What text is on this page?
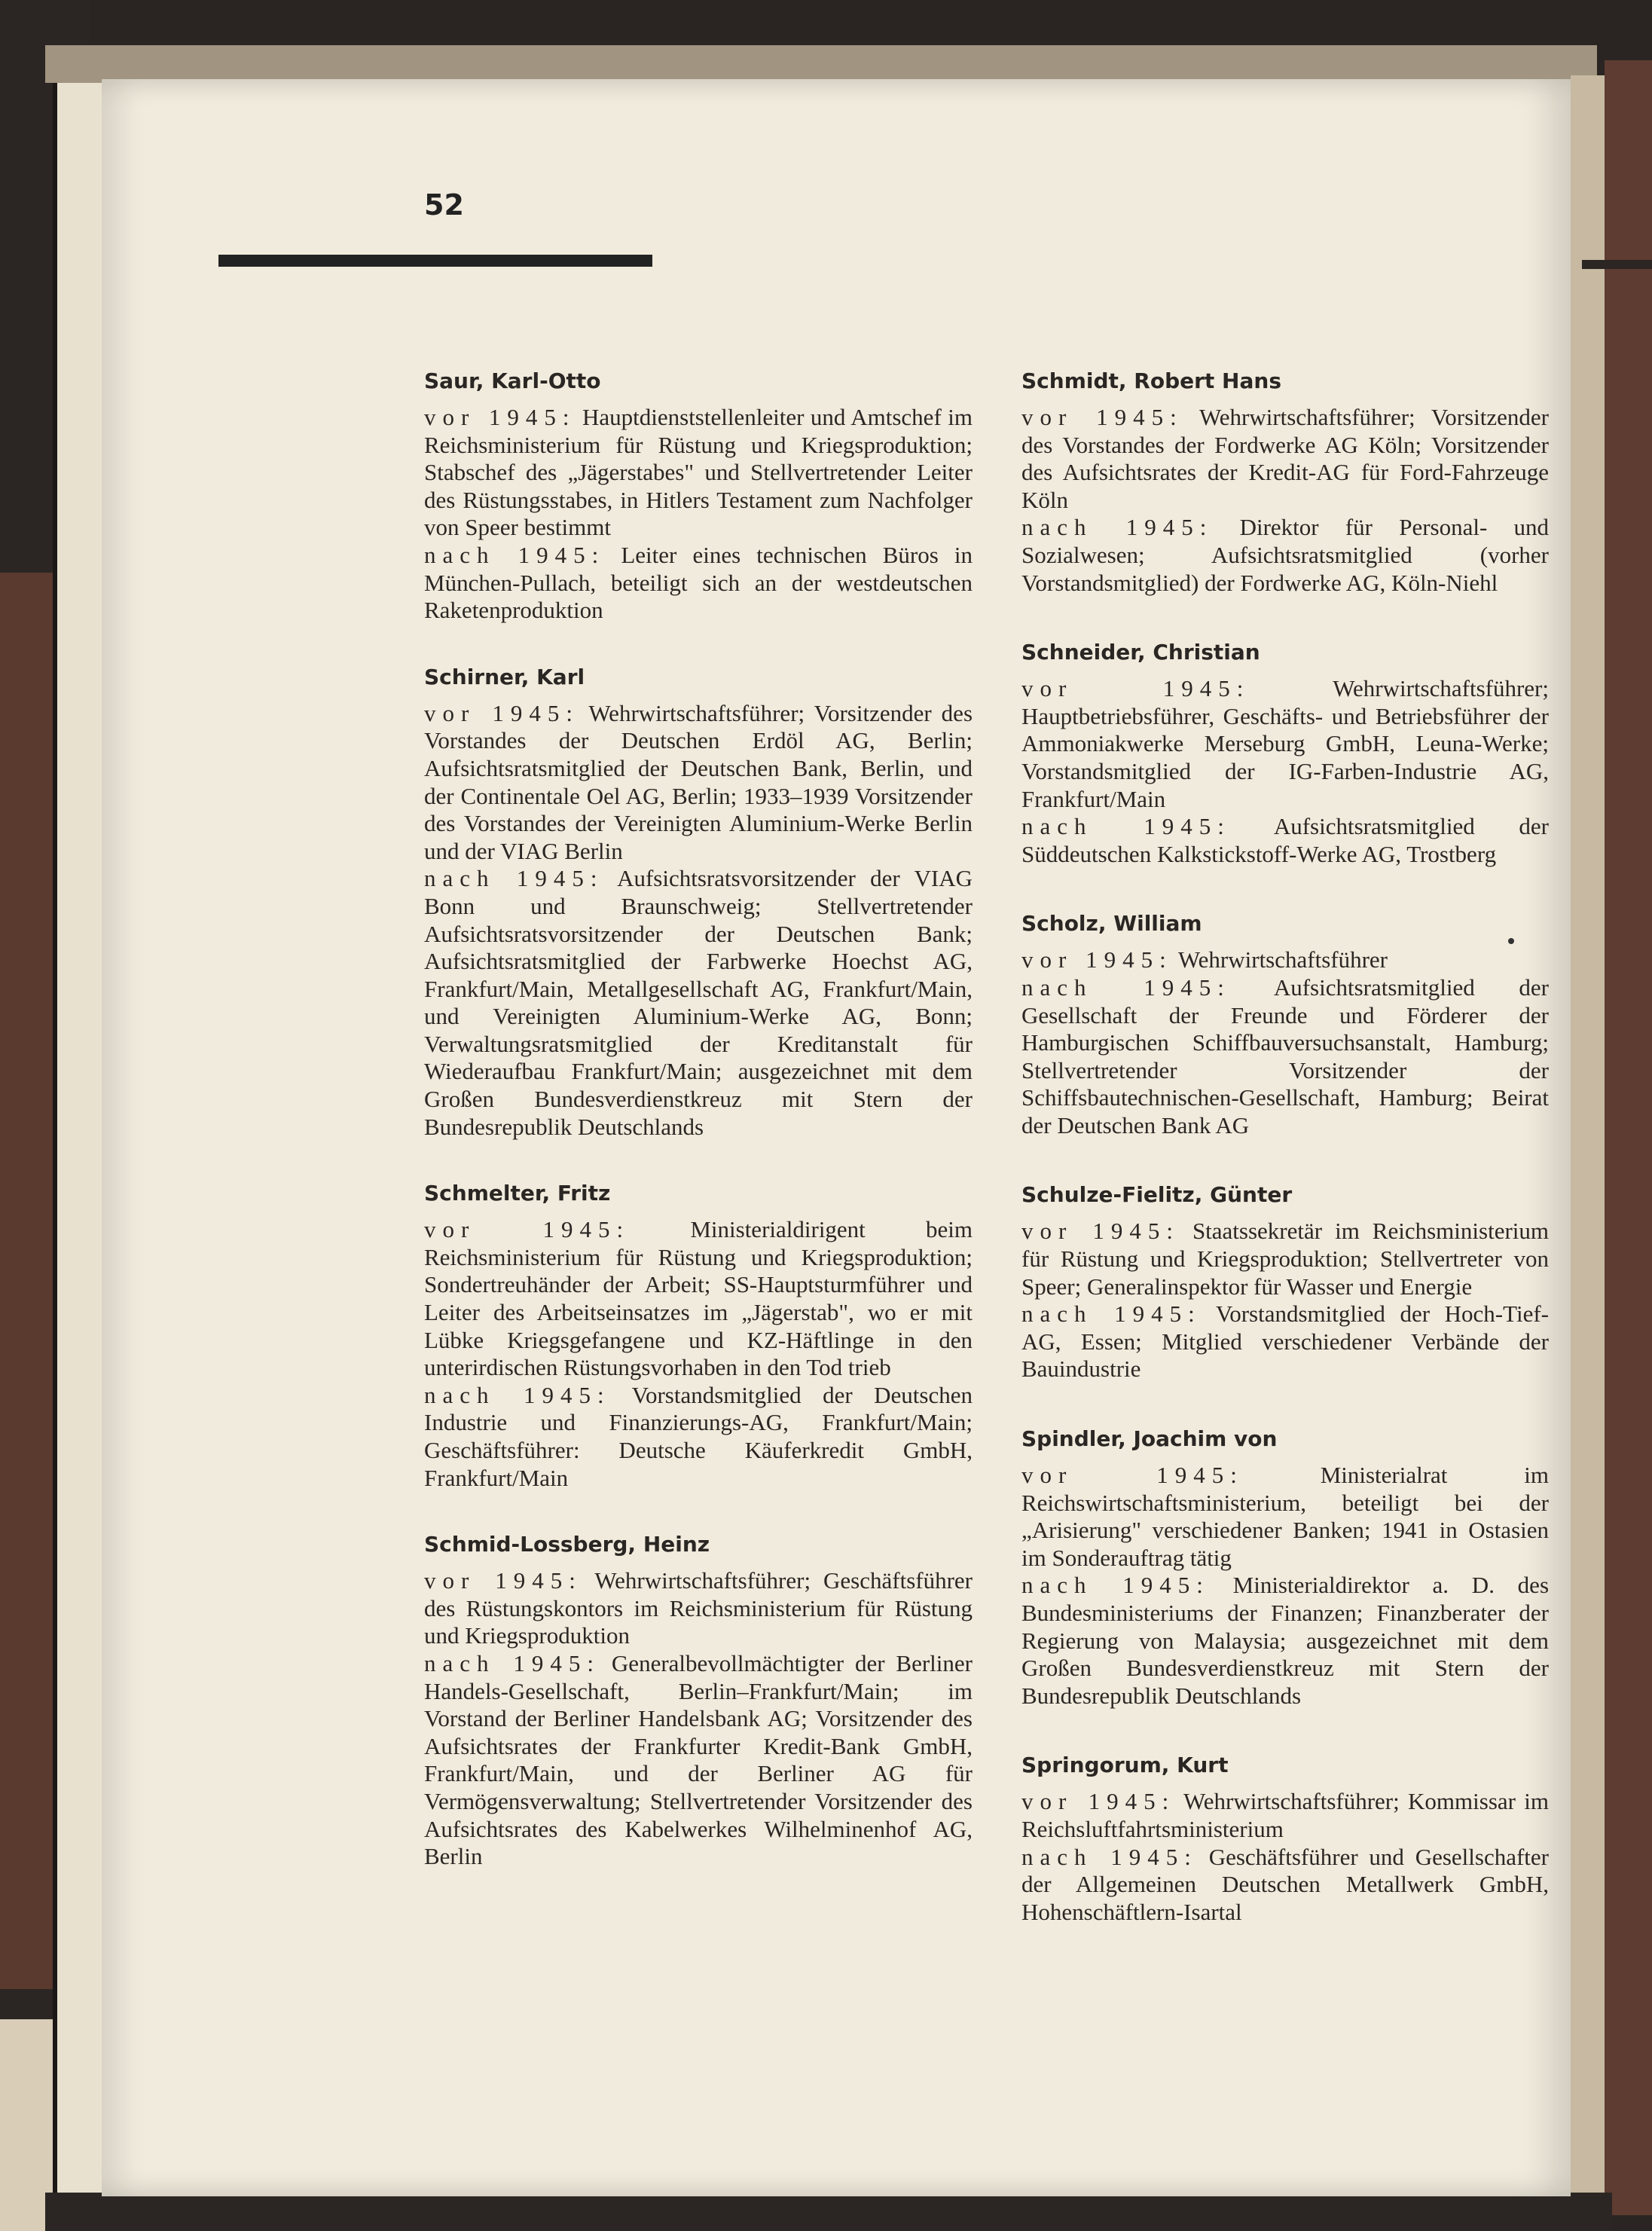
52
Saur, Karl-Otto

vor 1945: Hauptdienststellenleiter und Amtschef im Reichsministerium für Rüstung und Kriegsproduktion; Stabschef des „Jägerstabes" und Stellvertretender Leiter des Rüstungsstabes, in Hitlers Testament zum Nachfolger von Speer bestimmt

nach 1945: Leiter eines technischen Büros in München-Pullach, beteiligt sich an der westdeutschen Raketenproduktion

Schirner, Karl

vor 1945: Wehrwirtschaftsführer; Vorsitzender des Vorstandes der Deutschen Erdöl AG, Berlin; Aufsichtsratsmitglied der Deutschen Bank, Berlin, und der Continentale Oel AG, Berlin; 1933–1939 Vorsitzender des Vorstandes der Vereinigten Aluminium-Werke Berlin und der VIAG Berlin

nach 1945: Aufsichtsratsvorsitzender der VIAG Bonn und Braunschweig; Stellvertretender Aufsichtsratsvorsitzender der Deutschen Bank; Aufsichtsratsmitglied der Farbwerke Hoechst AG, Frankfurt/Main, Metallgesellschaft AG, Frankfurt/Main, und Vereinigten Aluminium-Werke AG, Bonn; Verwaltungsratsmitglied der Kreditanstalt für Wiederaufbau Frankfurt/Main; ausgezeichnet mit dem Großen Bundesverdienstkreuz mit Stern der Bundesrepublik Deutschlands

Schmelter, Fritz

vor 1945:	Ministerialdirigent beim Reichsministerium für Rüstung und Kriegsproduktion; Sondertreuhänder der Arbeit; SS-Hauptsturmführer und Leiter des Arbeitseinsatzes im „Jägerstab", wo er mit Lübke Kriegsgefangene und KZ-Häftlinge in den unterirdischen Rüstungsvorhaben in den Tod trieb

nach 1945: Vorstandsmitglied der Deutschen Industrie und Finanzierungs-AG, Frankfurt/Main; Geschäftsführer: Deutsche Käuferkredit GmbH, Frankfurt/Main

Schmid-Lossberg, Heinz

vor 1945: Wehrwirtschaftsführer; Geschäftsführer des Rüstungskontors im Reichsministerium für Rüstung und Kriegsproduktion

nach 1945: Generalbevollmächtigter der Berliner Handels-Gesellschaft, Berlin–Frankfurt/Main; im Vorstand der Berliner Handelsbank AG; Vorsitzender des Aufsichtsrates der Frankfurter Kredit-Bank GmbH, Frankfurt/Main, und der Berliner AG für Vermögensverwaltung; Stellvertretender Vorsitzender des Aufsichtsrates des Kabelwerkes Wilhelminenhof AG, Berlin

Schmidt, Robert Hans

vor 1945: Wehrwirtschaftsführer; Vorsitzender des Vorstandes der Fordwerke AG Köln; Vorsitzender des Aufsichtsrates der Kredit-AG für Ford-Fahrzeuge Köln

nach 1945: Direktor für Personal- und Sozialwesen; Aufsichtsratsmitglied (vorher Vorstandsmitglied) der Fordwerke AG, Köln-Niehl

Schneider, Christian

vor 1945:	Wehrwirtschaftsführer; Hauptbetriebsführer, Geschäfts- und Betriebsführer der Ammoniakwerke Merseburg GmbH, Leuna-Werke; Vorstandsmitglied der IG-Farben-Industrie AG, Frankfurt/Main

nach 1945: Aufsichtsratsmitglied der Süddeutschen Kalkstickstoff-Werke AG, Trostberg

Scholz, William

vor 1945: Wehrwirtschaftsführer

nach 1945: Aufsichtsratsmitglied der Gesellschaft der Freunde und Förderer der Hamburgischen Schiffbauversuchsanstalt, Hamburg; Stellvertretender Vorsitzender der Schiffsbautechnischen-Gesellschaft, Hamburg; Beirat der Deutschen Bank AG

Schulze-Fielitz, Günter

vor 1945: Staatssekretär im Reichsministerium für Rüstung und Kriegsproduktion; Stellvertreter von Speer; Generalinspektor für Wasser und Energie

nach 1945: Vorstandsmitglied der Hoch-Tief-AG, Essen; Mitglied verschiedener Verbände der Bauindustrie

Spindler, Joachim von

vor 1945:	Ministerialrat im Reichswirtschaftsministerium, beteiligt bei der „Arisierung" verschiedener Banken; 1941 in Ostasien im Sonderauftrag tätig

nach 1945: Ministerialdirektor a. D. des Bundesministeriums der Finanzen; Finanzberater der Regierung von Malaysia; ausgezeichnet mit dem Großen Bundesverdienstkreuz mit Stern der Bundesrepublik Deutschlands

Springorum, Kurt

vor 1945: Wehrwirtschaftsführer; Kommissar im Reichsluftfahrtsministerium

nach 1945: Geschäftsführer und Gesellschafter der Allgemeinen Deutschen Metallwerk GmbH, Hohenschäftlern-Isartal
